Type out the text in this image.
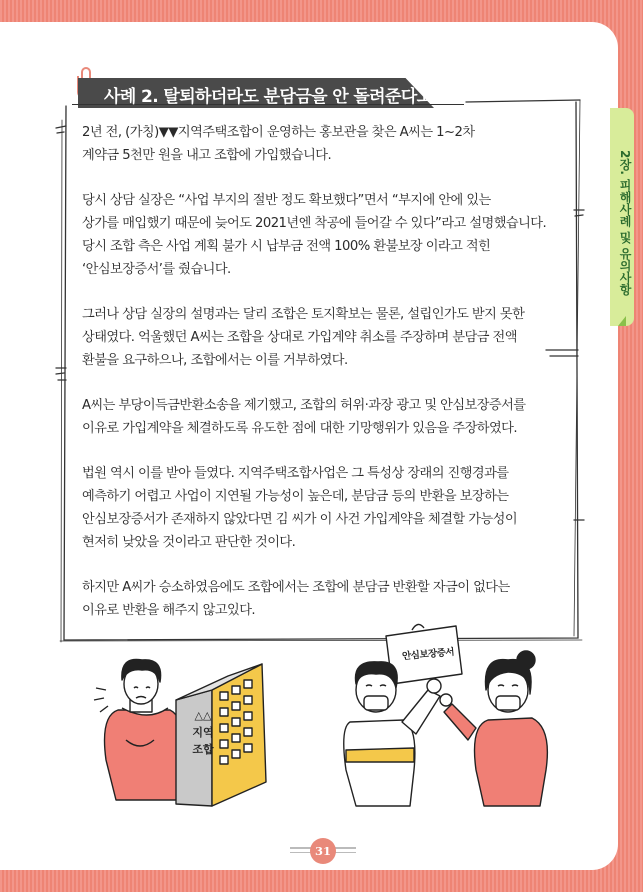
2장. 피해사례 및 유의사항
사례 2. 탈퇴하더라도 분담금을 안 돌려준다고?

2년 전, (가칭)▼▼지역주택조합이 운영하는 홍보관을 찾은 A씨는 1~2차
계약금 5천만 원을 내고 조합에 가입했습니다.

당시 상담 실장은 “사업 부지의 절반 정도 확보했다”면서 “부지에 안에 있는
상가를 매입했기 때문에 늦어도 2021년엔 착공에 들어갈 수 있다”라고 설명했습니다.
당시 조합 측은 사업 계획 불가 시 납부금 전액 100% 환불보장 이라고 적힌
‘안심보장증서’를 줬습니다.

그러나 상담 실장의 설명과는 달리 조합은 토지확보는 물론, 설립인가도 받지 못한
상태였다. 억울했던 A씨는 조합을 상대로 가입계약 취소를 주장하며 분담금 전액
환불을 요구하으나, 조합에서는 이를 거부하였다.

A씨는 부당이득금반환소송을 제기했고, 조합의 허위·과장 광고 및 안심보장증서를
이유로 가입계약을 체결하도록 유도한 점에 대한 기망행위가 있음을 주장하였다.

법원 역시 이를 받아 들였다. 지역주택조합사업은 그 특성상 장래의 진행경과를
예측하기 어렵고 사업이 지연될 가능성이 높은데, 분담금 등의 반환을 보장하는
안심보장증서가 존재하지 않았다면 김 씨가 이 사건 가입계약을 체결할 가능성이
현저히 낮았을 것이라고 판단한 것이다.

하지만 A씨가 승소하였음에도 조합에서는 조합에 분담금 반환할 자금이 없다는
이유로 반환을 해주지 않고있다.

안심보장증서
△△
지역
조합
31
